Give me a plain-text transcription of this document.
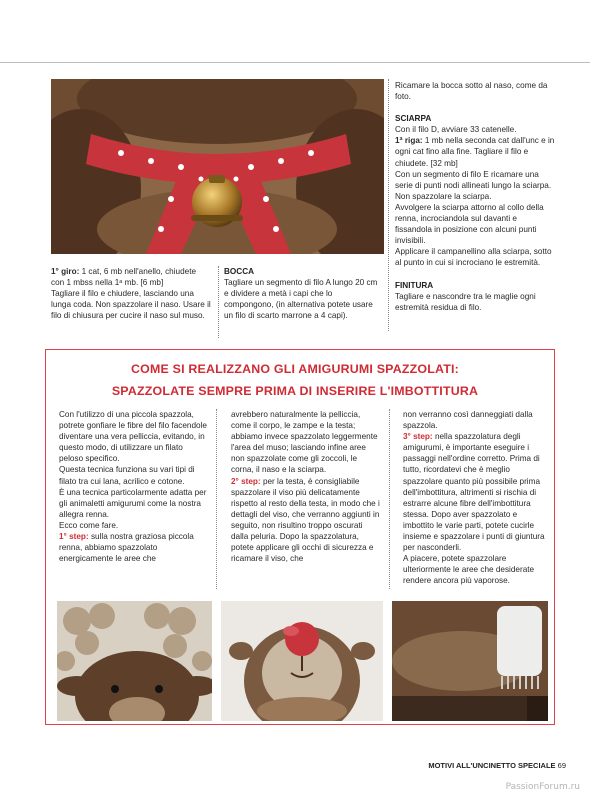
1° giro: 1 cat, 6 mb nell'anello, chiudete con 1 mbss nella 1ᵃ mb. [6 mb]

Tagliare il filo e chiudere, lasciando una lunga coda. Non spazzolare il naso. Usare il filo di chiusura per cucire il naso sul muso.

BOCCA

Tagliare un segmento di filo A lungo 20 cm e dividere a metà i capi che lo compongono, (in alternativa potete usare un filo di scarto marrone a 4 capi).

Ricamare la bocca sotto al naso, come da foto.

SCIARPA

Con il filo D, avviare 33 catenelle.

1ª riga: 1 mb nella seconda cat dall'unc e in ogni cat fino alla fine. Tagliare il filo e chiudete. [32 mb]

Con un segmento di filo E ricamare una serie di punti nodi allineati lungo la sciarpa.

Non spazzolare la sciarpa.

Avvolgere la sciarpa attorno al collo della renna, incrociandola sul davanti e fissandola in posizione con alcuni punti invisibili.

Applicare il campanellino alla sciarpa, sotto al punto in cui si incrociano le estremità.

FINITURA

Tagliare e nascondre tra le maglie ogni estremità residua di filo.

COME SI REALIZZANO GLI AMIGURUMI SPAZZOLATI:
SPAZZOLATE SEMPRE PRIMA DI INSERIRE L'IMBOTTITURA

Con l'utilizzo di una piccola spazzola, potrete gonfiare le fibre del filo facendole diventare una vera pelliccia, evitando, in questo modo, di utilizzare un filato peloso specifico.

Questa tecnica funziona su vari tipi di filato tra cui lana, acrilico e cotone.

È una tecnica particolarmente adatta per gli animaletti amigurumi come la nostra allegra renna.

Ecco come fare.

1° step: sulla nostra graziosa piccola renna, abbiamo spazzolato energicamente le aree che

avrebbero naturalmente la pelliccia, come il corpo, le zampe e la testa; abbiamo invece spazzolato leggermente l'area del muso; lasciando infine aree non spazzolate come gli zoccoli, le corna, il naso e la sciarpa.

2° step: per la testa, è consigliabile spazzolare il viso più delicatamente rispetto al resto della testa, in modo che i dettagli del viso, che verranno aggiunti in seguito, non risultino troppo oscurati dalla peluria. Dopo la spazzolatura, potete applicare gli occhi di sicurezza e ricamare il viso, che

non verranno così danneggiati dalla spazzola.

3° step: nella spazzolatura degli amigurumi, è importante eseguire i passaggi nell'ordine corretto. Prima di tutto, ricordatevi che è meglio spazzolare quanto più possibile prima dell'imbottitura, altrimenti si rischia di estrarre alcune fibre dell'imbottitura stessa. Dopo aver spazzolato e imbottito le varie parti, potete cucirle insieme e spazzolare i punti di giuntura per nasconderli.

A piacere, potete spazzolare ulteriormente le aree che desiderate rendere ancora più vaporose.

MOTIVI ALL'UNCINETTO SPECIALE 69
PassionForum.ru
